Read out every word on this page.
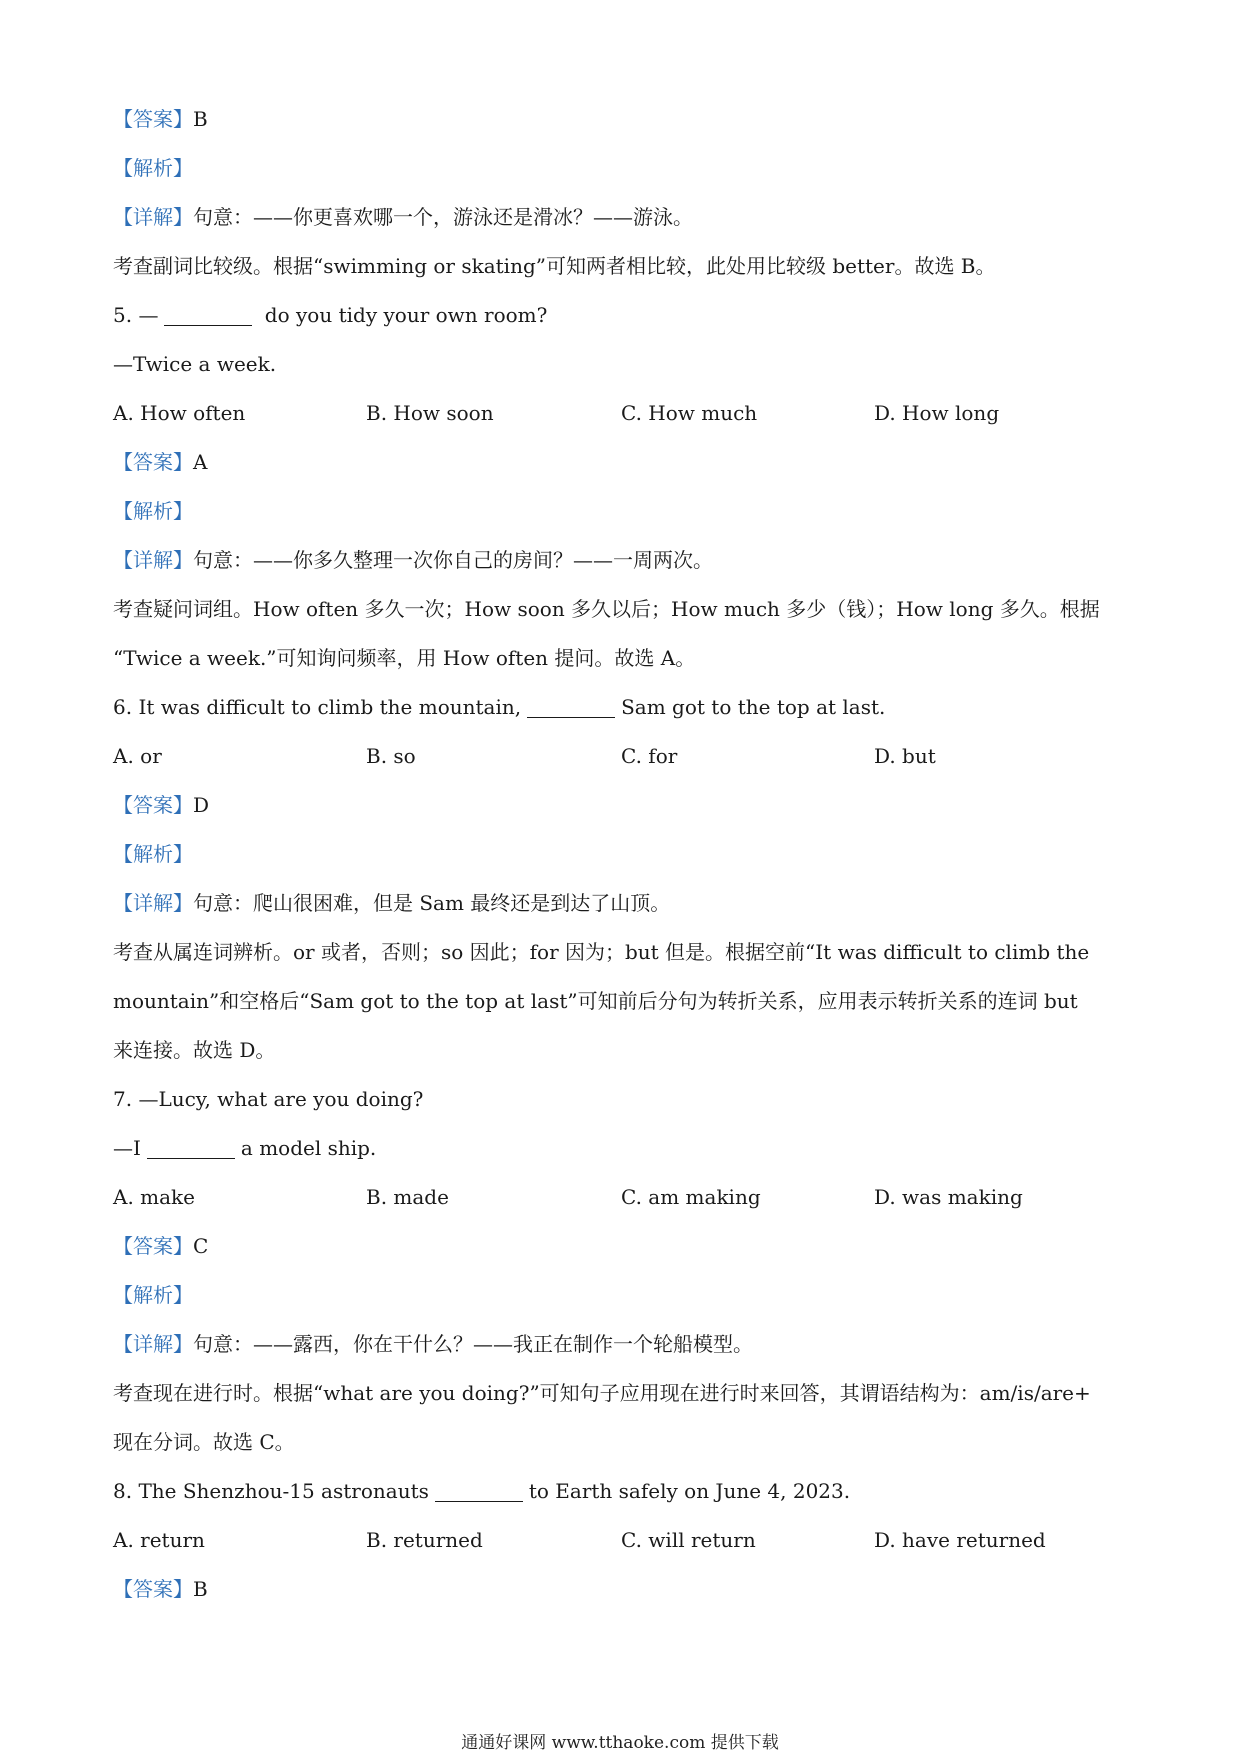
【答案】B
【解析】
【详解】句意：——你更喜欢哪一个，游泳还是滑冰？——游泳。
考查副词比较级。根据“swimming or skating”可知两者相比较，此处用比较级 better。故选 B。
5. —	do you tidy your own room?
—Twice a week.
A. How often	B. How soon	C. How much	D. How long
【答案】A
【解析】
【详解】句意：——你多久整理一次你自己的房间？——一周两次。
考查疑问词组。How often 多久一次；How soon 多久以后；How much 多少（钱）；How long 多久。根据
“Twice a week.”可知询问频率，用 How often 提问。故选 A。
6. It was difficult to climb the mountain,	Sam got to the top at last.
A. or	B. so	C. for	D. but
【答案】D
【解析】
【详解】句意：爬山很困难，但是 Sam 最终还是到达了山顶。
考查从属连词辨析。or 或者，否则；so 因此；for 因为；but 但是。根据空前“It was difficult to climb the
mountain”和空格后“Sam got to the top at last”可知前后分句为转折关系，应用表示转折关系的连词 but
来连接。故选 D。
7. —Lucy, what are you doing?
—I	a model ship.
A. make	B. made	C. am making	D. was making
【答案】C
【解析】
【详解】句意：——露西，你在干什么？——我正在制作一个轮船模型。
考查现在进行时。根据“what are you doing?”可知句子应用现在进行时来回答，其谓语结构为：am/is/are+
现在分词。故选 C。
8. The Shenzhou-15 astronauts	to Earth safely on June 4, 2023.
A. return	B. returned	C. will return	D. have returned
【答案】B
通通好课网 www.tthaoke.com 提供下载
